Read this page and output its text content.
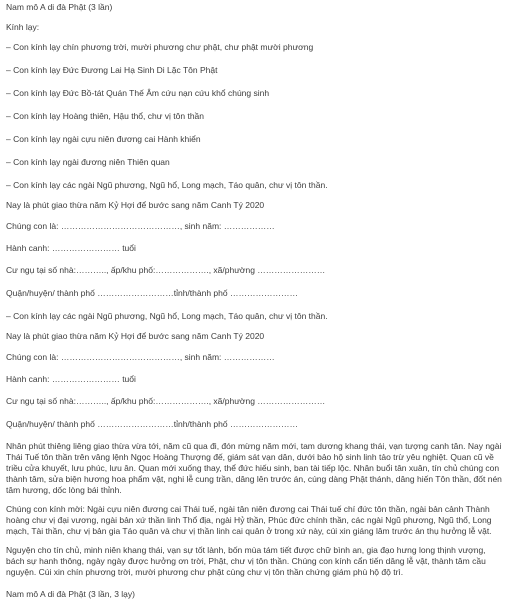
Nam mô A di đà Phật (3 lần)
Kính lạy:
– Con kính lạy chín phương trời, mười phương chư phật, chư phật mười phương
– Con kính lạy Đức Đương Lai Hạ Sinh Di Lặc Tôn Phật
– Con kính lạy Đức Bồ-tát Quán Thế Âm cứu nạn cứu khổ chúng sinh
– Con kính lạy Hoàng thiên, Hậu thổ, chư vị tôn thần
– Con kính lạy ngài cựu niên đương cai Hành khiển
– Con kính lạy ngài đương niên Thiên quan
– Con kính lạy các ngài Ngũ phương, Ngũ hổ, Long mạch, Táo quân, chư vị tôn thần.
Nay là phút giao thừa năm Kỷ Hợi để bước sang năm Canh Tý 2020
Chúng con là: ……………………………………, sinh năm: ………………
Hành canh: …………………… tuổi
Cư ngụ tại số nhà:……….., ấp/khu phố:………………., xã/phường ……………………
Quận/huyện/ thành phố ………………………tỉnh/thành phố ……………………
– Con kính lạy các ngài Ngũ phương, Ngũ hổ, Long mạch, Táo quân, chư vị tôn thần.
Nay là phút giao thừa năm Kỷ Hợi để bước sang năm Canh Tý 2020
Chúng con là: ……………………………………, sinh năm: ………………
Hành canh: …………………… tuổi
Cư ngụ tại số nhà:……….., ấp/khu phố:………………., xã/phường ……………………
Quận/huyện/ thành phố ………………………tỉnh/thành phố ……………………
Nhân phút thiêng liêng giao thừa vừa tới, năm cũ qua đi, đón mừng năm mới, tam dương khang thái, vạn tượng canh tân. Nay ngài Thái Tuế tôn thần trên vâng lệnh Ngọc Hoàng Thượng đế, giám sát vạn dân, dưới bảo hộ sinh linh tảo trừ yêu nghiệt. Quan cũ về triều cửa khuyết, lưu phúc, lưu ân. Quan mới xuống thay, thể đức hiếu sinh, ban tài tiếp lộc. Nhân buổi tân xuân, tín chủ chúng con thành tâm, sửa biện hương hoa phẩm vật, nghi lễ cung trần, dâng lên trước án, cúng dàng Phật thánh, dâng hiến Tôn thần, đốt nén tâm hương, dốc lòng bái thỉnh.
Chúng con kính mời: Ngài cựu niên đương cai Thái tuế, ngài tân niên đương cai Thái tuế chí đức tôn thần, ngài bản cảnh Thành hoàng chư vị đại vương, ngài bản xứ thần linh Thổ địa, ngài Hỷ thần, Phúc đức chính thần, các ngài Ngũ phương, Ngũ thổ, Long mạch, Tài thần, chư vị bản gia Táo quân và chư vị thần linh cai quản ở trong xứ này, cúi xin giáng lâm trước án thụ hưởng lễ vật.
Nguyện cho tín chủ, minh niên khang thái, vạn sự tốt lành, bốn mùa tám tiết được chữ bình an, gia đạo hưng long thịnh vượng, bách sự hanh thông, ngày ngày được hưởng ơn trời, Phật, chư vị tôn thần. Chúng con kính cẩn tiến dâng lễ vật, thành tâm cầu nguyện. Cúi xin chín phương trời, mười phương chư phật cùng chư vị tôn thần chứng giám phù hộ độ trì.
Nam mô A di đà Phật (3 lần, 3 lạy)
